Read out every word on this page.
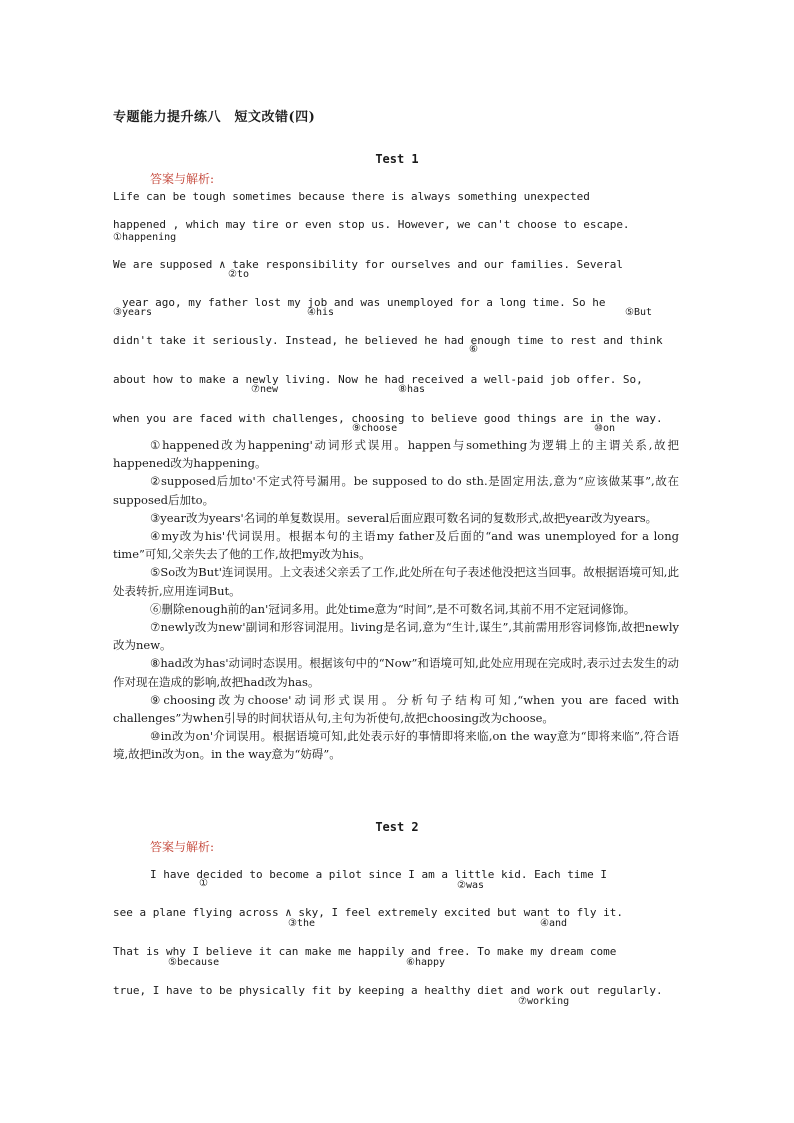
专题能力提升练八　短文改错(四)
Test 1
答案与解析:
Life can be tough sometimes because there is always something unexpected
happened , which may tire or even stop us. However, we can't choose to escape.
①happening
We are supposed ∧ take responsibility for ourselves and our families. Several
②to
year ago, my father lost my job and was unemployed for a long time. So he
③years	④his	⑤But
didn't take it seriously. Instead, he believed he had enough time to rest and think
⑥
about how to make a newly living. Now he had received a well-paid job offer. So,
⑦new	⑧has
when you are faced with challenges, choosing to believe good things are in the way.
⑨choose	⑩on
①happened改为happening'动词形式误用。happen与something为逻辑上的主谓关系,故把happened改为happening。
②supposed后加to'不定式符号漏用。be supposed to do sth.是固定用法,意为“应该做某事”,故在supposed后加to。
③year改为years'名词的单复数误用。several后面应跟可数名词的复数形式,故把year改为years。
④my改为his'代词误用。根据本句的主语my father及后面的“and was unemployed for a long time”可知,父亲失去了他的工作,故把my改为his。
⑤So改为But'连词误用。上文表述父亲丢了工作,此处所在句子表述他没把这当回事。故根据语境可知,此处表转折,应用连词But。
⑥删除enough前的an'冠词多用。此处time意为“时间”,是不可数名词,其前不用不定冠词修饰。
⑦newly改为new'副词和形容词混用。living是名词,意为“生计,谋生”,其前需用形容词修饰,故把newly改为new。
⑧had改为has'动词时态误用。根据该句中的“Now”和语境可知,此处应用现在完成时,表示过去发生的动作对现在造成的影响,故把had改为has。
⑨choosing改为choose'动词形式误用。分析句子结构可知,“when you are faced with challenges”为when引导的时间状语从句,主句为祈使句,故把choosing改为choose。
⑩in改为on'介词误用。根据语境可知,此处表示好的事情即将来临,on the way意为“即将来临”,符合语境,故把in改为on。in the way意为“妨碍”。
Test 2
答案与解析:
I have decided to become a pilot since I am a little kid. Each time I
①	②was
see a plane flying across ∧ sky, I feel extremely excited but want to fly it.
③the	④and
That is why I believe it can make me happily and free. To make my dream come
⑤because	⑥happy
true, I have to be physically fit by keeping a healthy diet and work out regularly.
⑦working
